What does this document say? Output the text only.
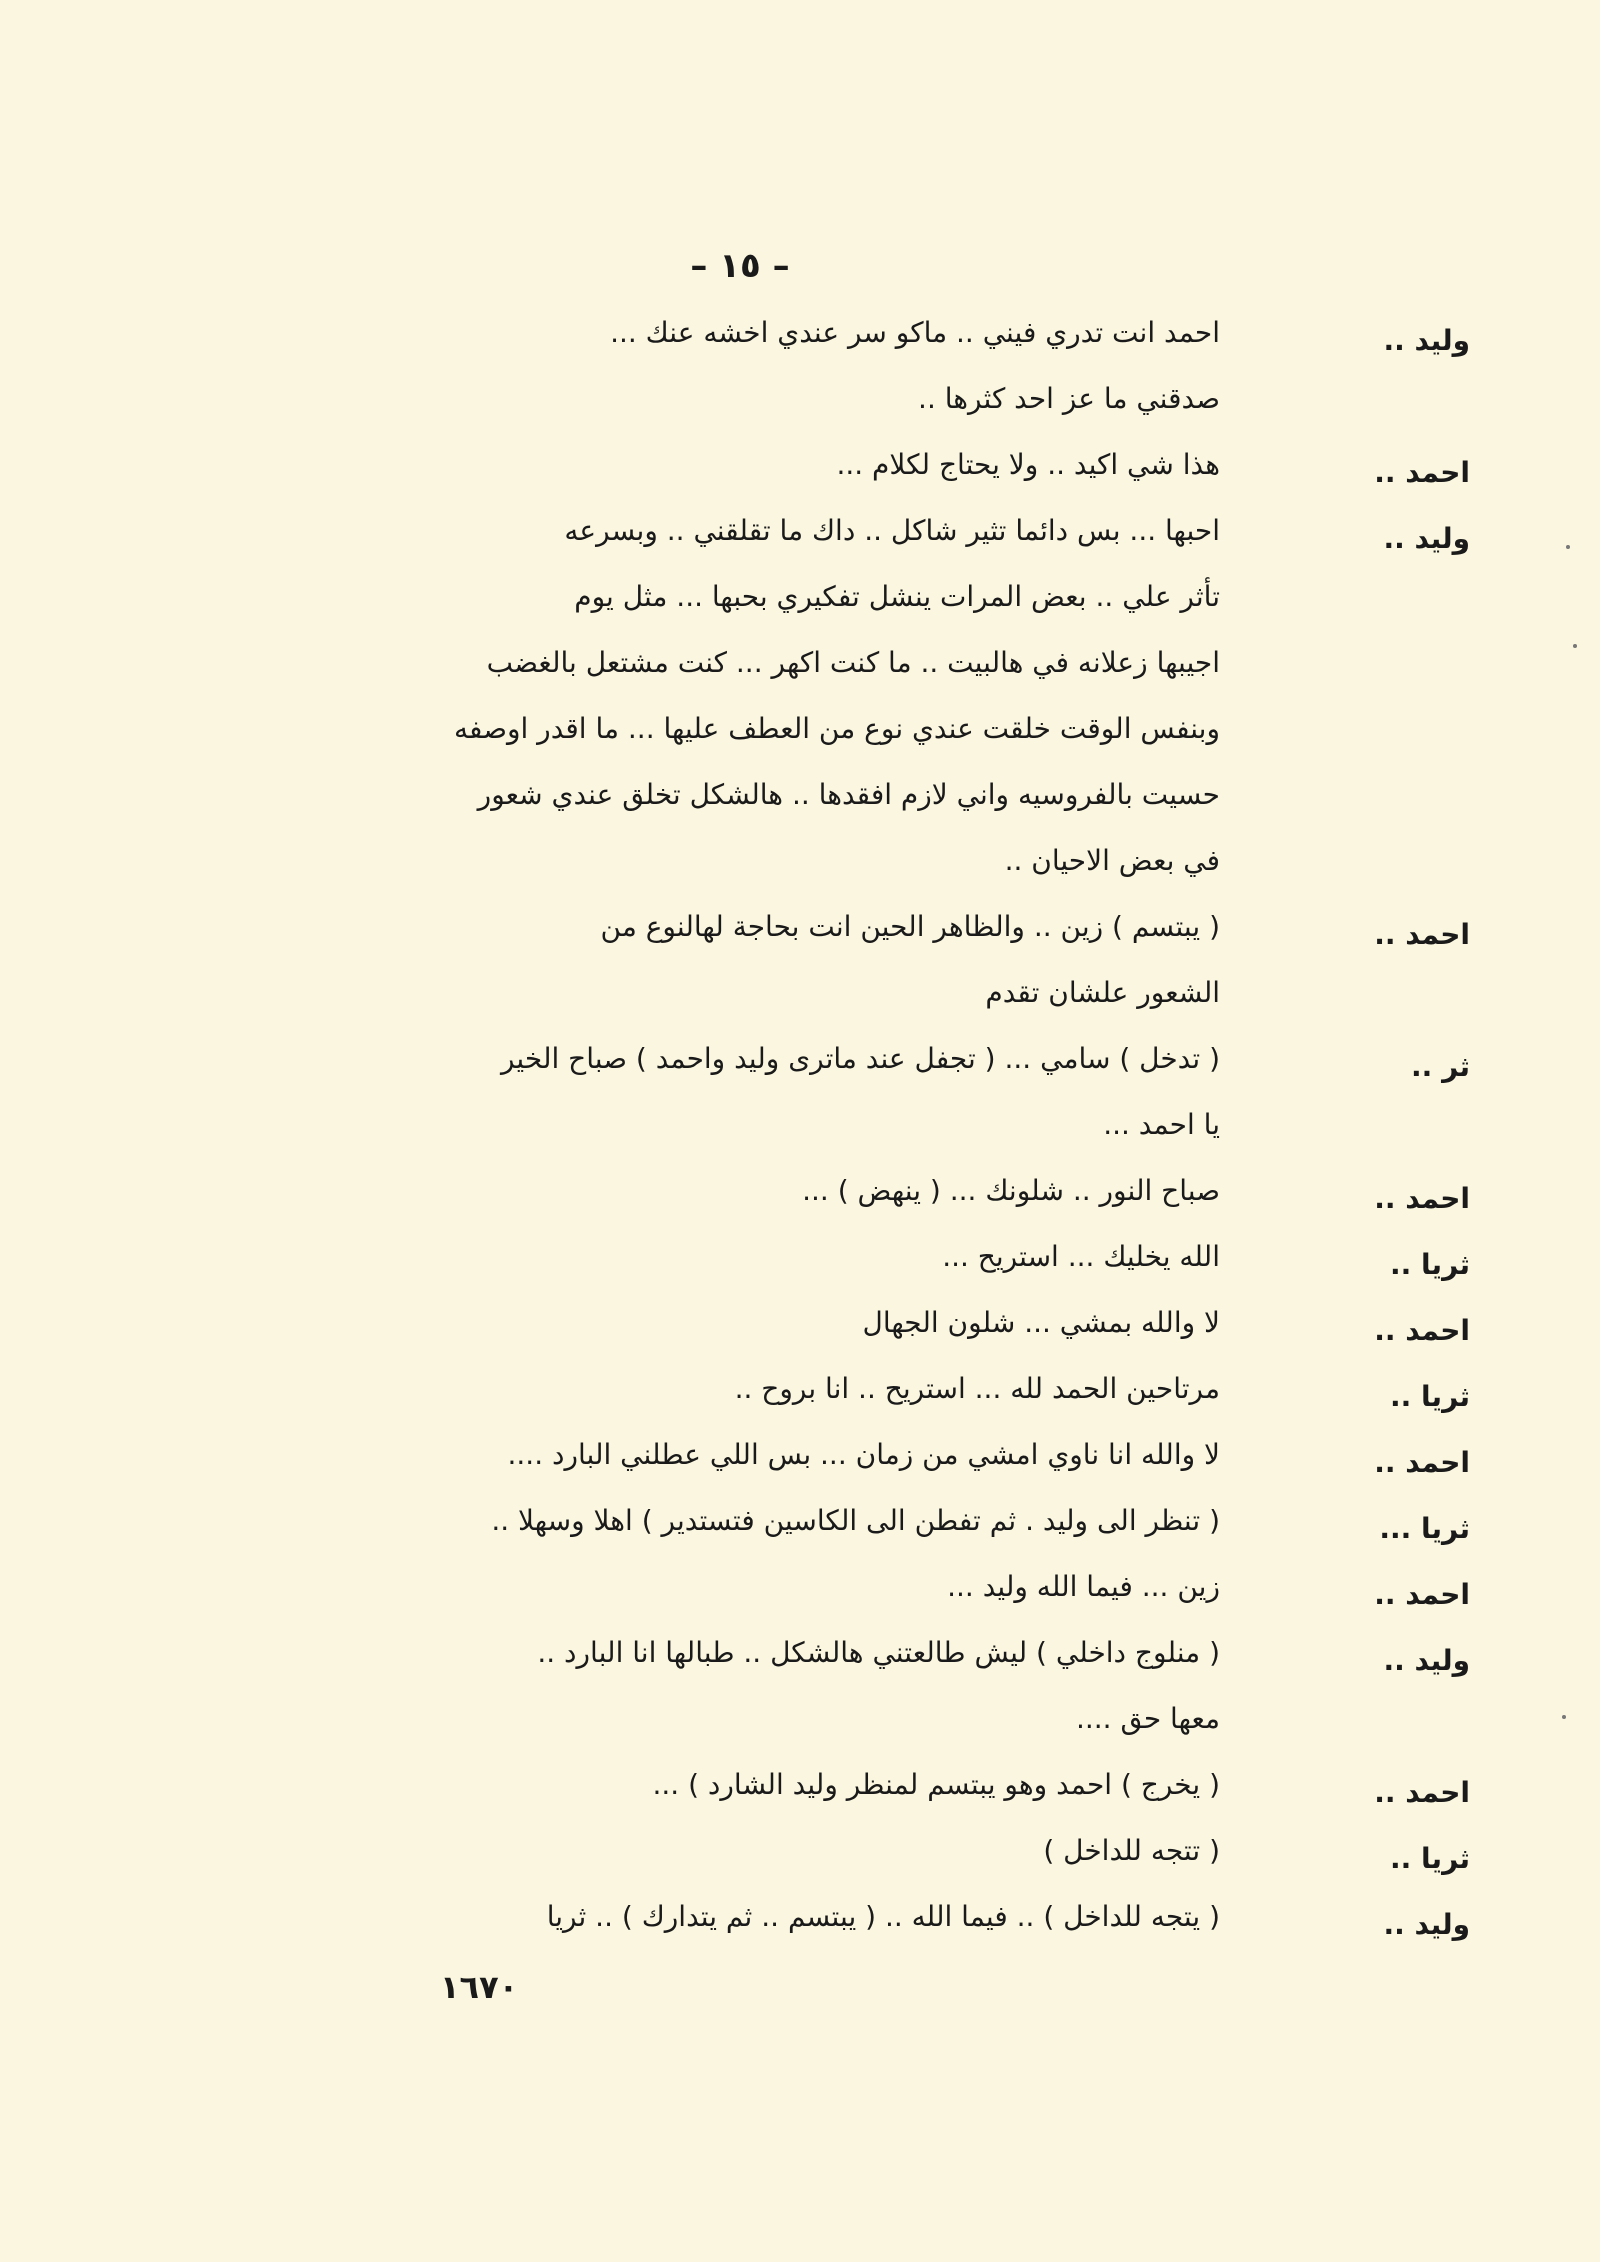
– ١٥ –
وليد ..
احمد انت تدري فيني .. ماكو سر عندي اخشه عنك ...
صدقني ما عز احد كثرها ..
احمد ..
هذا شي اكيد .. ولا يحتاج لكلام ...
وليد ..
احبها ... بس دائما تثير شاكل .. داك ما تقلقني .. وبسرعه
تأثر علي .. بعض المرات ينشل تفكيري بحبها ... مثل يوم
اجيبها زعلانه في هالبيت .. ما كنت اكهر ... كنت مشتعل بالغضب
وبنفس الوقت خلقت عندي نوع من العطف عليها ... ما اقدر اوصفه
حسيت بالفروسيه واني لازم افقدها .. هالشكل تخلق عندي شعور
في بعض الاحيان ..
احمد ..
( يبتسم ) زين .. والظاهر الحين انت بحاجة لهالنوع من
الشعور علشان تقدم
ثر ..
( تدخل ) سامي ... ( تجفل عند ماترى وليد واحمد ) صباح الخير
يا احمد ...
احمد ..
صباح النور .. شلونك ... ( ينهض ) ...
ثريا ..
الله يخليك ... استريح ...
احمد ..
لا والله بمشي ... شلون الجهال
ثريا ..
مرتاحين الحمد لله ... استريح .. انا بروح ..
احمد ..
لا والله انا ناوي امشي من زمان ... بس اللي عطلني البارد ....
ثريا ...
( تنظر الى وليد . ثم تفطن الى الكاسين فتستدير ) اهلا وسهلا ..
احمد ..
زين ... فيما الله وليد ...
وليد ..
( منلوج داخلي ) ليش طالعتني هالشكل .. طبالها انا البارد ..
معها حق ....
احمد ..
( يخرج ) احمد وهو يبتسم لمنظر وليد الشارد ) ...
ثريا ..
( تتجه للداخل )
وليد ..
( يتجه للداخل ) .. فيما الله .. ( يبتسم .. ثم يتدارك ) .. ثريا
١٦٧٠
